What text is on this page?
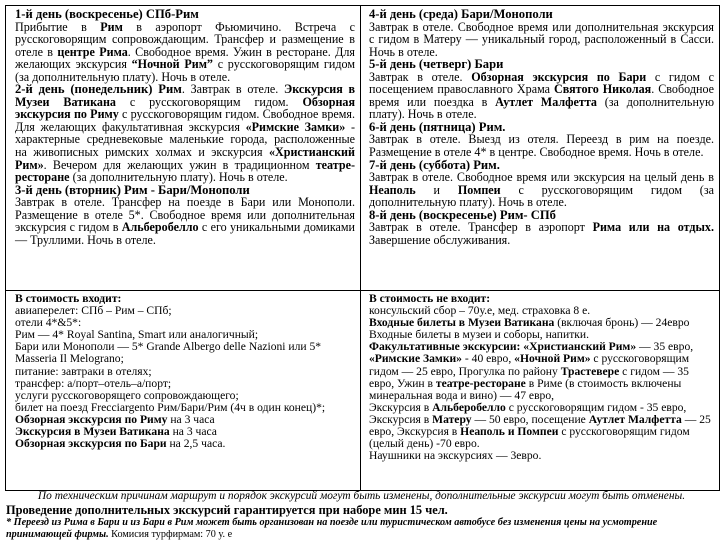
1-й день (воскресенье) СПб-Рим
Прибытие в Рим в аэропорт Фьюмичино. Встреча с русскоговорящим сопровождающим. Трансфер и размещение в отеле в центре Рима. Свободное время. Ужин в ресторане. Для желающих экскурсия “Ночной Рим” с русскоговорящим гидом (за дополнительную плату). Ночь в отеле.
2-й день (понедельник) Рим. Завтрак в отеле. Экскурсия в Музеи Ватикана с русскоговорящим гидом. Обзорная экскурсия по Риму с русскоговорящим гидом. Свободное время. Для желающих факультативная экскурсия «Римские Замки» - характерные средневековые маленькие города, расположенные на живописных римских холмах и экскурсия «Христианский Рим». Вечером для желающих ужин в традиционном театре-ресторане (за дополнительную плату). Ночь в отеле.
3-й день (вторник) Рим - Бари/Монополи
Завтрак в отеле. Трансфер на поезде в Бари или Монополи. Размещение в отеле 5*. Свободное время или дополнительная экскурсия с гидом в Альберобелло с его уникальными домиками — Труллими. Ночь в отеле.
4-й день (среда) Бари/Монополи
Завтрак в отеле. Свободное время или дополнительная экскурсия с гидом в Матеру — уникальный город, расположенный в Сасси. Ночь в отеле.
5-й день (четверг) Бари
Завтрак в отеле. Обзорная экскурсия по Бари с гидом с посещением православного Храма Святого Николая. Свободное время или поездка в Аутлет Малфетта (за дополнительную плату). Ночь в отеле.
6-й день (пятница) Рим.
Завтрак в отеле. Выезд из отеля. Переезд в рим на поезде. Размещение в отеле 4* в центре. Свободное время. Ночь в отеле.
7-й день (суббота) Рим.
Завтрак в отеле. Свободное время или экскурсия на целый день в Неаполь и Помпеи с русскоговорящим гидом (за дополнительную плату). Ночь в отеле.
8-й день (воскресенье) Рим- СПб
Завтрак в отеле. Трансфер в аэропорт Рима или на отдых. Завершение обслуживания.
В стоимость входит:
авиаперелет: СПб – Рим – СПб;
отели 4*&5*:
Рим — 4* Royal Santina, Smart или аналогичный;
Бари или Монополи — 5* Grande Albergo delle Nazioni или 5* Masseria Il Melograno;
питание: завтраки в отелях;
трансфер: а/порт–отель–а/порт;
услуги русскоговорящего сопровождающего;
билет на поезд Frecciargento Рим/Бари/Рим (4ч в один конец)*;
Обзорная экскурсия по Риму на 3 часа
Экскурсия в Музеи Ватикана на 3 часа
Обзорная экскурсия по Бари на 2,5 часа.
В стоимость не входит:
консульский сбор – 70у.е, мед. страховка 8 е.
Входные билеты в Музеи Ватикана (включая бронь) — 24евро
Входные билеты в музеи и соборы, напитки.
Факультативные экскурсии: «Христианский Рим» — 35 евро, «Римские Замки» - 40 евро, «Ночной Рим» с русскоговорящим гидом — 25 евро, Прогулка по району Трастевере с гидом — 35 евро, Ужин в театре-ресторане в Риме (в стоимость включены минеральная вода и вино) — 47 евро,
Экскурсия в Альберобелло с русскоговорящим гидом - 35 евро,
Экскурсия в Матеру — 50 евро, посещение Аутлет Малфетта — 25 евро, Экскурсия в Неаполь и Помпеи с русскоговорящим гидом (целый день) -70 евро.
Наушники на экскурсиях — 3евро.
По техническим причинам маршрут и порядок экскурсий могут быть изменены, дополнительные экскурсии могут быть отменены.
Проведение дополнительных экскурсий гарантируется при наборе мин 15 чел.
* Переезд из Рима в Бари и из Бари в Рим может быть организован на поезде или туристическом автобусе без изменения цены на усмотрение принимающей фирмы. Комисия турфирмам: 70 у. е
